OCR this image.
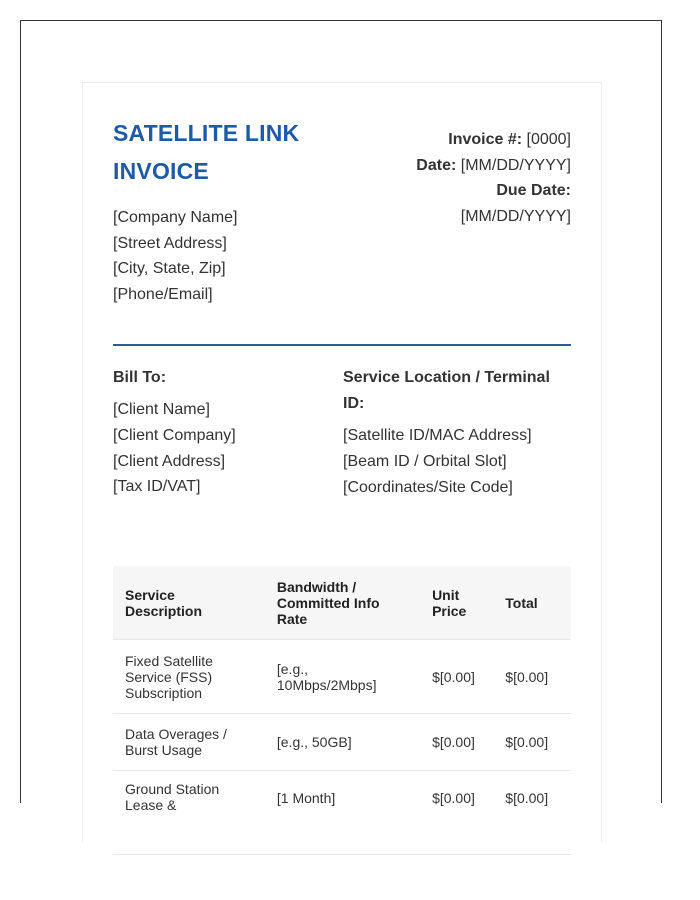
SATELLITE LINK INVOICE
Invoice #: [0000]
Date: [MM/DD/YYYY]
Due Date:
[MM/DD/YYYY]
[Company Name]
[Street Address]
[City, State, Zip]
[Phone/Email]
Bill To:
[Client Name]
[Client Company]
[Client Address]
[Tax ID/VAT]
Service Location / Terminal ID:
[Satellite ID/MAC Address]
[Beam ID / Orbital Slot]
[Coordinates/Site Code]
Service Description	Bandwidth / Committed Info Rate	Unit Price	Total
Fixed Satellite Service (FSS) Subscription	[e.g., 10Mbps/2Mbps]	$[0.00]	$[0.00]
Data Overages / Burst Usage	[e.g., 50GB]	$[0.00]	$[0.00]
Ground Station Lease &	[1 Month]	$[0.00]	$[0.00]
